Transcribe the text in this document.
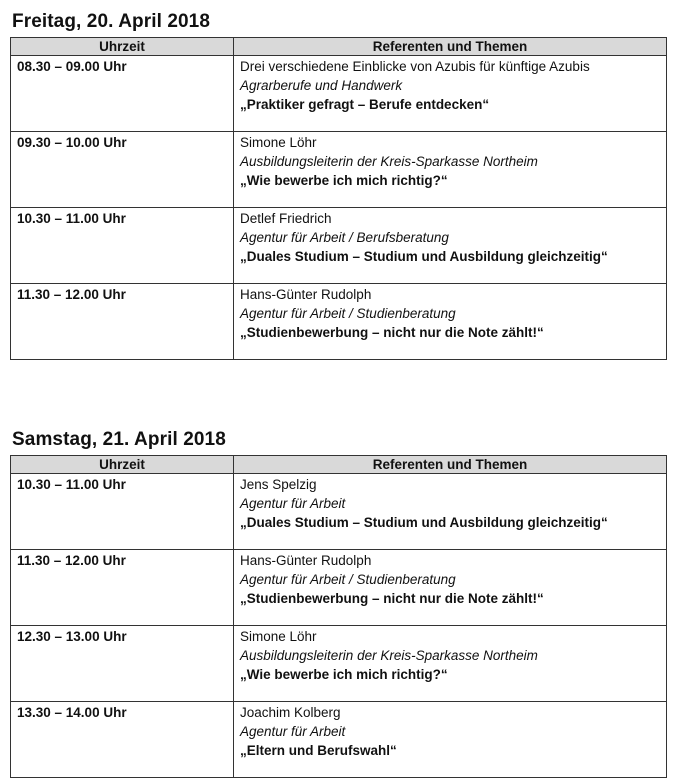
Freitag, 20. April 2018
Uhrzeit	Referenten und Themen
08.30 – 09.00 Uhr	Drei verschiedene Einblicke von Azubis für künftige Azubis
Agrarberufe und Handwerk
„Praktiker gefragt – Berufe entdecken“

09.30 – 10.00 Uhr	Simone Löhr
Ausbildungsleiterin der Kreis-Sparkasse Northeim
„Wie bewerbe ich mich richtig?“

10.30 – 11.00 Uhr	Detlef Friedrich
Agentur für Arbeit / Berufsberatung
„Duales Studium – Studium und Ausbildung gleichzeitig“

11.30 – 12.00 Uhr	Hans-Günter Rudolph
Agentur für Arbeit / Studienberatung
„Studienbewerbung – nicht nur die Note zählt!“
Samstag, 21. April 2018
Uhrzeit	Referenten und Themen
10.30 – 11.00 Uhr	Jens Spelzig
Agentur für Arbeit
„Duales Studium – Studium und Ausbildung gleichzeitig“

11.30 – 12.00 Uhr	Hans-Günter Rudolph
Agentur für Arbeit / Studienberatung
„Studienbewerbung – nicht nur die Note zählt!“

12.30 – 13.00 Uhr	Simone Löhr
Ausbildungsleiterin der Kreis-Sparkasse Northeim
„Wie bewerbe ich mich richtig?“

13.30 – 14.00 Uhr	Joachim Kolberg
Agentur für Arbeit
„Eltern und Berufswahl“
